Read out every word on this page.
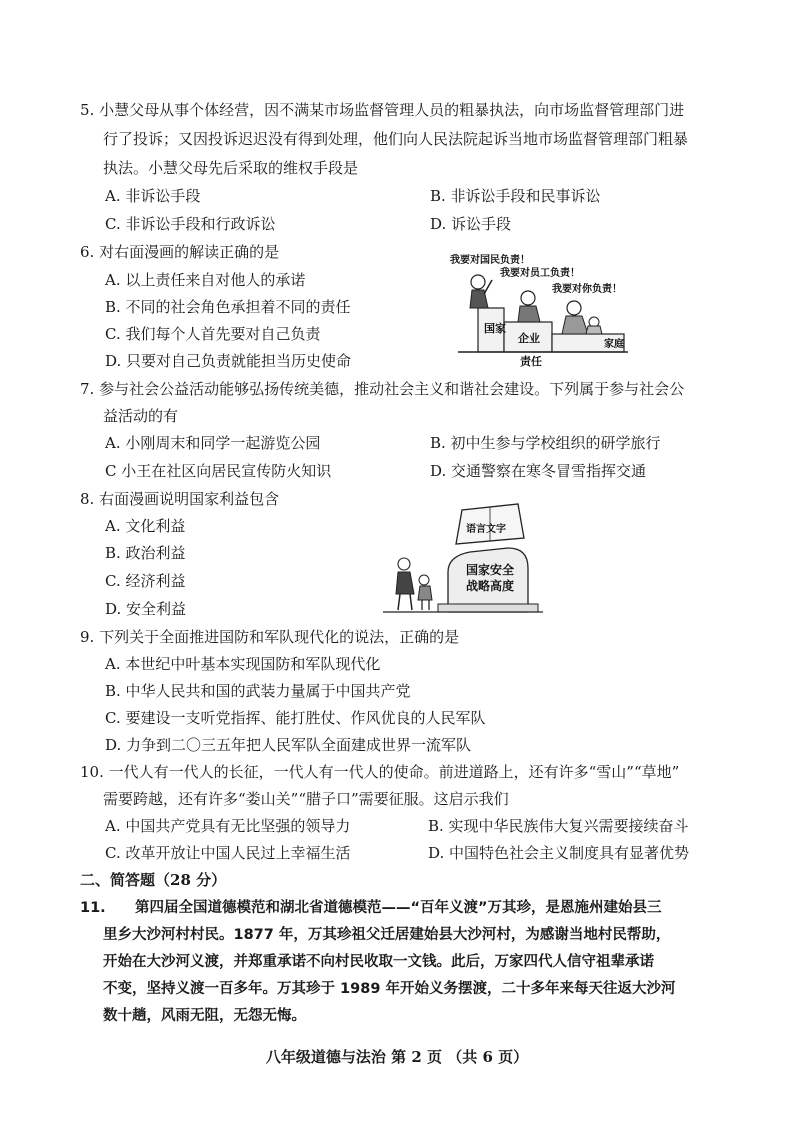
5. 小慧父母从事个体经营，因不满某市场监督管理人员的粗暴执法，向市场监督管理部门进
行了投诉；又因投诉迟迟没有得到处理，他们向人民法院起诉当地市场监督管理部门粗暴
执法。小慧父母先后采取的维权手段是
A. 非诉讼手段	B. 非诉讼手段和民事诉讼
C. 非诉讼手段和行政诉讼	D. 诉讼手段
6. 对右面漫画的解读正确的是
A. 以上责任来自对他人的承诺
B. 不同的社会角色承担着不同的责任
C. 我们每个人首先要对自己负责
D. 只要对自己负责就能担当历史使命
我要对国民负责！
我要对员工负责！
我要对你负责！
国家
企业	家庭
责任
7. 参与社会公益活动能够弘扬传统美德，推动社会主义和谐社会建设。下列属于参与社会公
益活动的有
A. 小刚周末和同学一起游览公园	B. 初中生参与学校组织的研学旅行
C 小王在社区向居民宣传防火知识	D. 交通警察在寒冬冒雪指挥交通
8. 右面漫画说明国家利益包含
A. 文化利益
B. 政治利益
C. 经济利益
D. 安全利益
语言文字
国家安全
战略高度
9. 下列关于全面推进国防和军队现代化的说法，正确的是
A. 本世纪中叶基本实现国防和军队现代化
B. 中华人民共和国的武装力量属于中国共产党
C. 要建设一支听党指挥、能打胜仗、作风优良的人民军队
D. 力争到二〇三五年把人民军队全面建成世界一流军队
10. 一代人有一代人的长征，一代人有一代人的使命。前进道路上，还有许多“雪山”“草地”
需要跨越，还有许多“娄山关”“腊子口”需要征服。这启示我们
A. 中国共产党具有无比坚强的领导力	B. 实现中华民族伟大复兴需要接续奋斗
C. 改革开放让中国人民过上幸福生活	D. 中国特色社会主义制度具有显著优势
二、简答题（28 分）
11. 第四届全国道德模范和湖北省道德模范——“百年义渡”万其珍，是恩施州建始县三
里乡大沙河村村民。1877 年，万其珍祖父迁居建始县大沙河村，为感谢当地村民帮助，
开始在大沙河义渡，并郑重承诺不向村民收取一文钱。此后，万家四代人信守祖辈承诺
不变，坚持义渡一百多年。万其珍于 1989 年开始义务摆渡，二十多年来每天往返大沙河
数十趟，风雨无阻，无怨无悔。
八年级道德与法治 第 2 页 （共 6 页）
